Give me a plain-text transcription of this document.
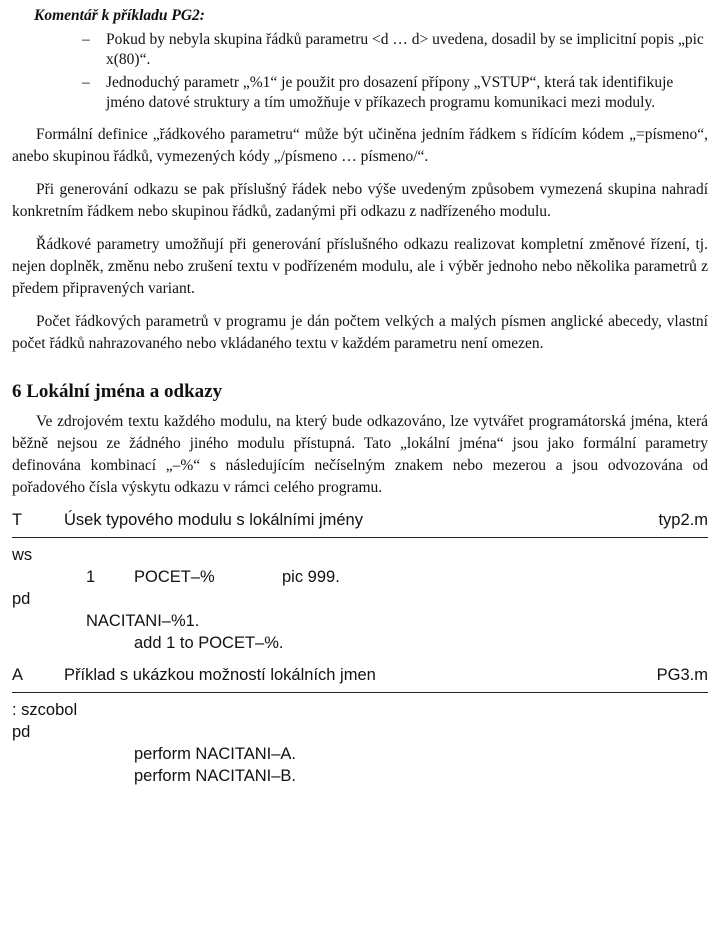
Komentář k příkladu PG2:
– Pokud by nebyla skupina řádků parametru <d … d> uvedena, dosadil by se implicitní popis „pic x(80)“.
– Jednoduchý parametr „%1“ je použit pro dosazení přípony „VSTUP“, která tak identifikuje jméno datové struktury a tím umožňuje v příkazech programu komunikaci mezi moduly.

Formální definice „řádkového parametru“ může být učiněna jedním řádkem s řídícím kódem „=písmeno“, anebo skupinou řádků, vymezených kódy „/písmeno … písmeno/“.

Při generování odkazu se pak příslušný řádek nebo výše uvedeným způsobem vymezená skupina nahradí konkretním řádkem nebo skupinou řádků, zadanými při odkazu z nadřízeného modulu.

Řádkové parametry umožňují při generování příslušného odkazu realizovat kompletní změnové řízení, tj. nejen doplněk, změnu nebo zrušení textu v podřízeném modulu, ale i výběr jednoho nebo několika parametrů z předem připravených variant.

Počet řádkových parametrů v programu je dán počtem velkých a malých písmen anglické abecedy, vlastní počet řádků nahrazovaného nebo vkládaného textu v každém parametru není omezen.

6 Lokální jména a odkazy

Ve zdrojovém textu každého modulu, na který bude odkazováno, lze vytvářet programátorská jména, která běžně nejsou ze žádného jiného modulu přístupná. Tato „lokální jména“ jsou jako formální parametry definována kombinací „–%“ s následujícím nečíselným znakem nebo mezerou a jsou odvozována od pořadového čísla výskytu odkazu v rámci celého programu.

T	Úsek typového modulu s lokálními jmény	typ2.m
ws
1 POCET–%	pic 999.
pd
NACITANI–%1.
add 1 to POCET–%.
A	Příklad s ukázkou možností lokálních jmen	PG3.m
: szcobol
pd
perform NACITANI–A.
perform NACITANI–B.
